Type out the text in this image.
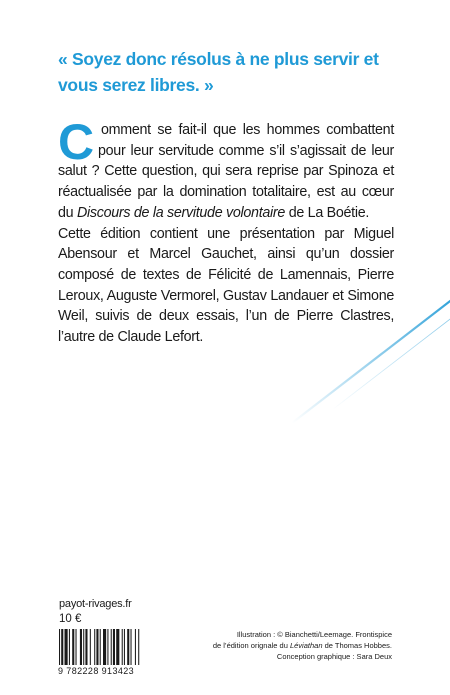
« Soyez donc résolus à ne plus servir et vous serez libres. »

Comment se fait-il que les hommes combattent pour leur servitude comme s’il s’agissait de leur salut ? Cette question, qui sera reprise par Spinoza et réactualisée par la domination totalitaire, est au cœur du Discours de la servitude volontaire de La Boétie.

Cette édition contient une présentation par Miguel Abensour et Marcel Gauchet, ainsi qu’un dossier composé de textes de Félicité de Lamennais, Pierre Leroux, Auguste Vermorel, Gustav Landauer et Simone Weil, suivis de deux essais, l’un de Pierre Clastres, l’autre de Claude Lefort.

payot-rivages.fr
10 €
9 782228 913423
Illustration : © Bianchetti/Leemage. Frontispice
de l’édition orignale du Léviathan de Thomas Hobbes.
Conception graphique : Sara Deux
